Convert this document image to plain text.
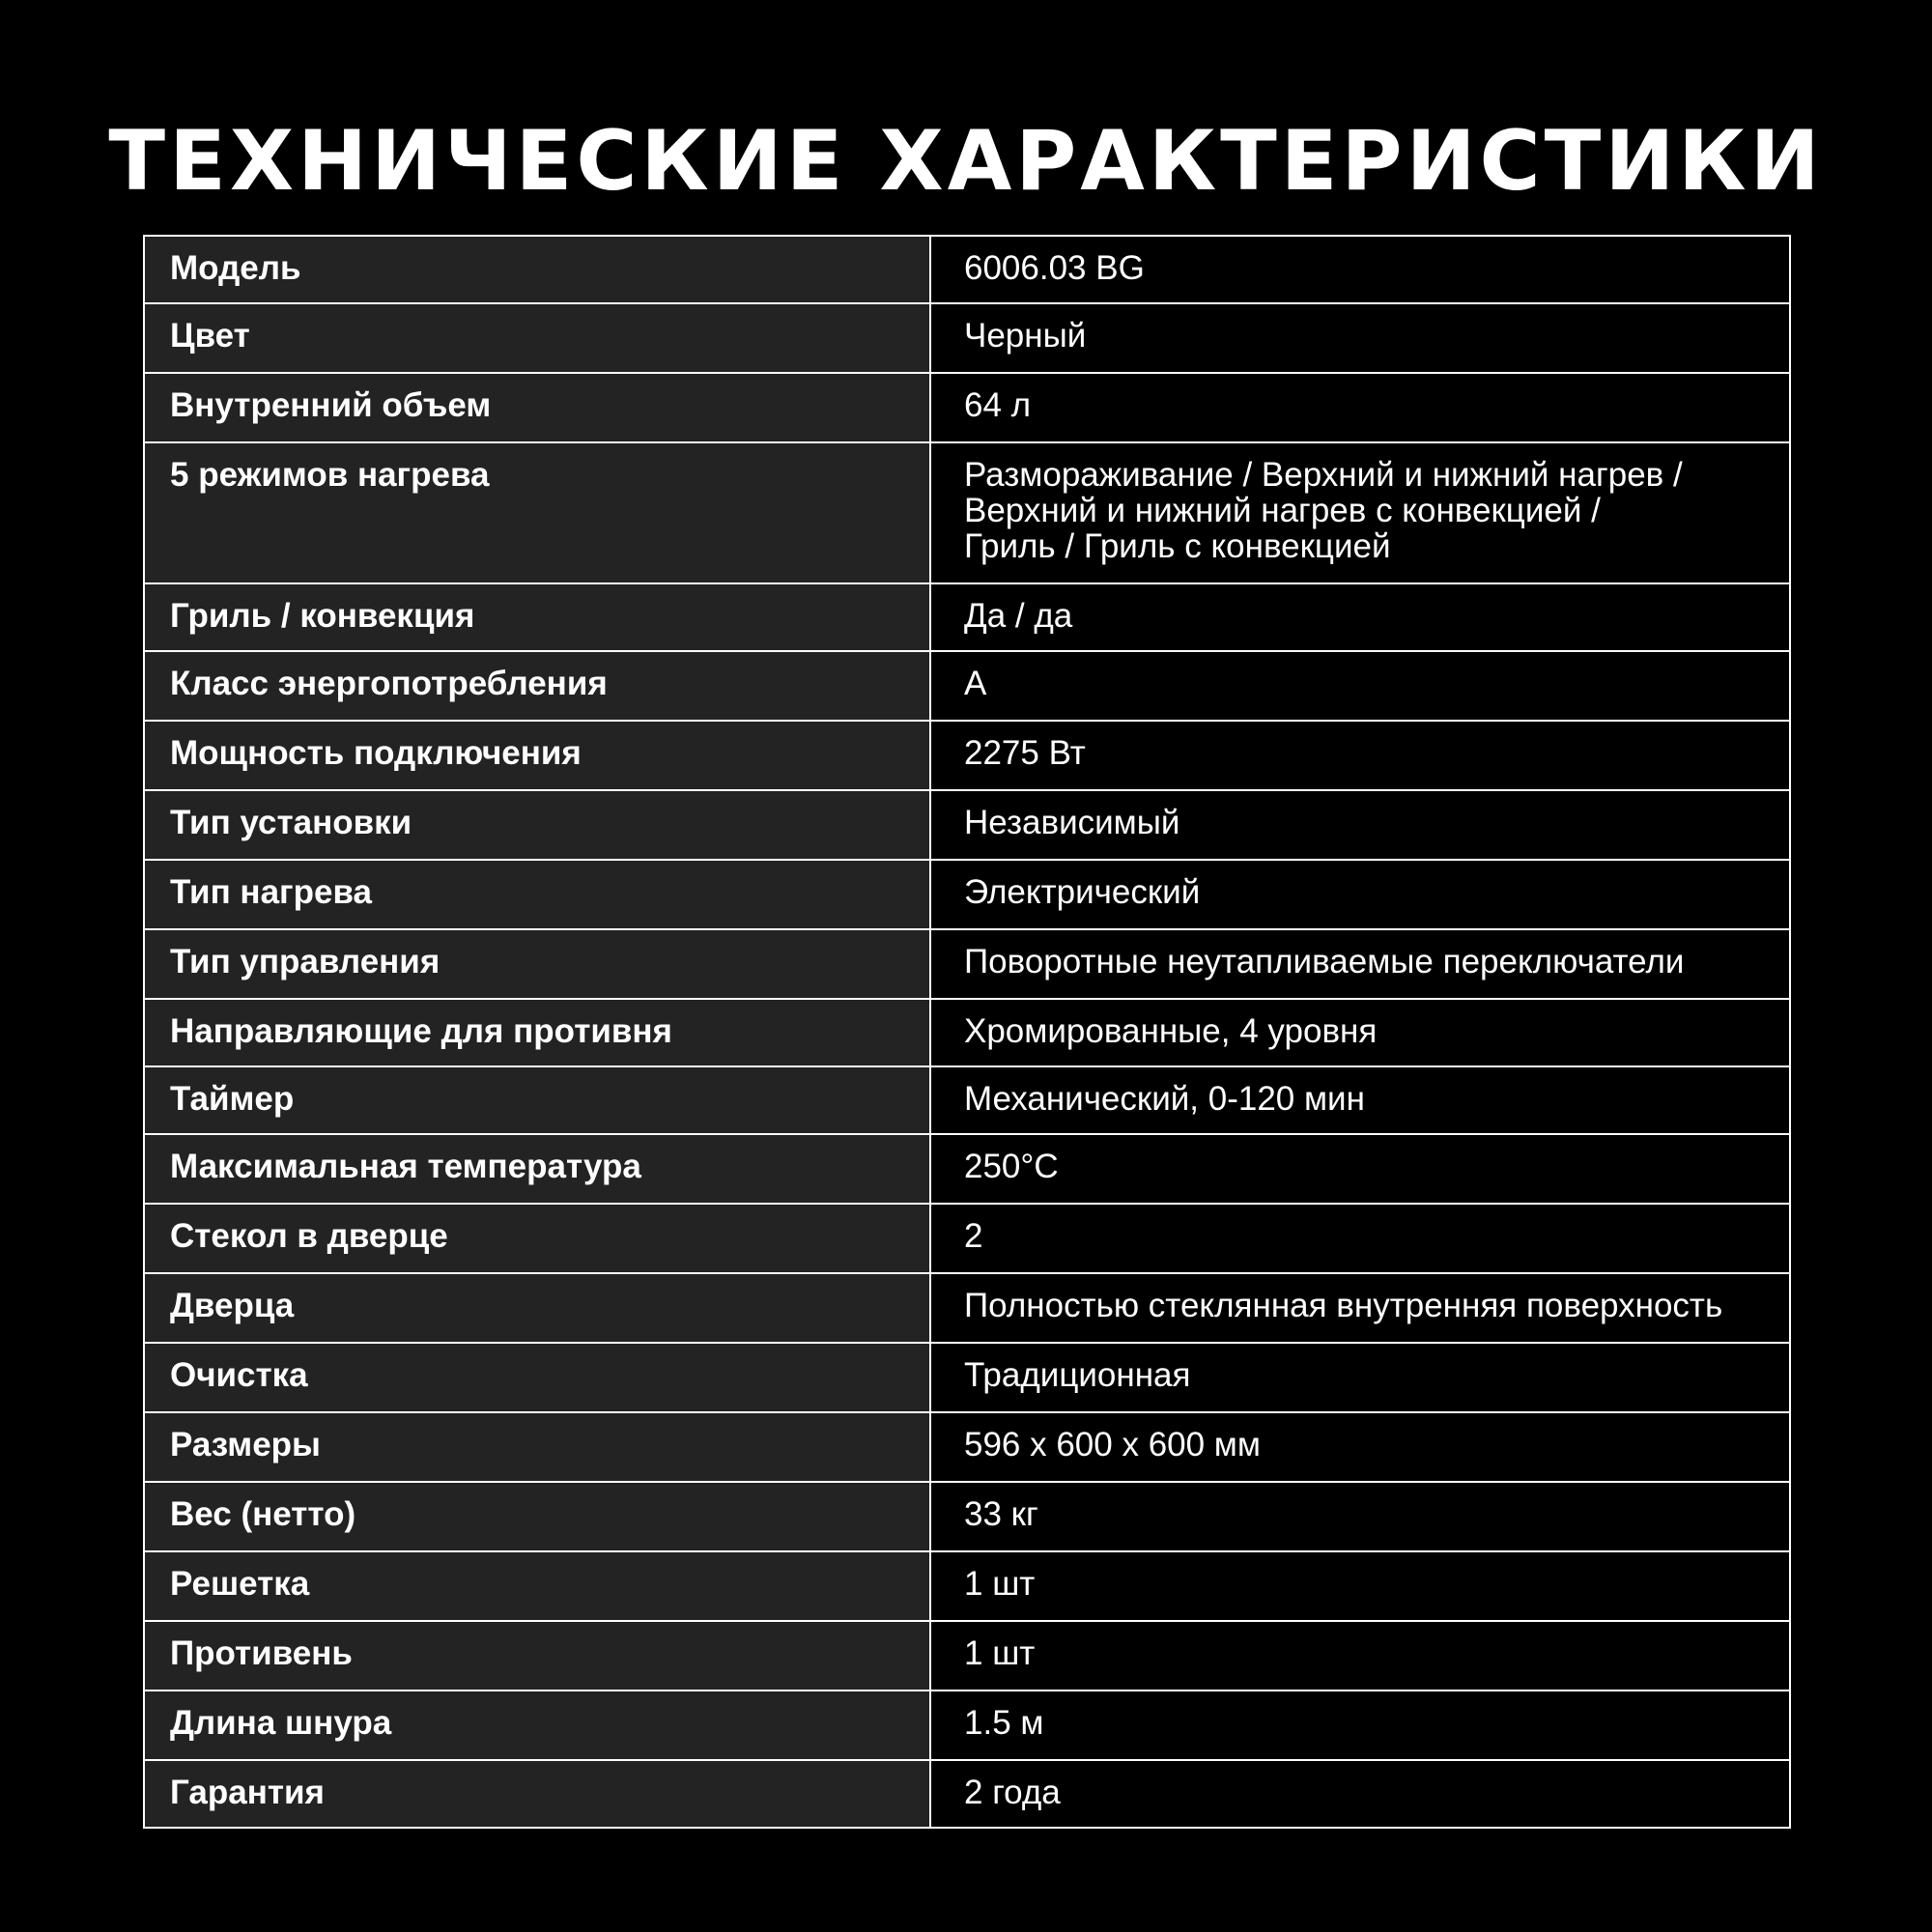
ТЕХНИЧЕСКИЕ ХАРАКТЕРИСТИКИ
Модель	6006.03 BG
Цвет	Черный
Внутренний объем	64 л
5 режимов нагрева	Размораживание / Верхний и нижний нагрев /
Верхний и нижний нагрев с конвекцией /
Гриль / Гриль с конвекцией

Гриль / конвекция	Да / да
Класс энергопотребления	А
Мощность подключения	2275 Вт
Тип установки	Независимый
Тип нагрева	Электрический
Тип управления	Поворотные неутапливаемые переключатели
Направляющие для противня	Хромированные, 4 уровня
Таймер	Механический, 0-120 мин
Максимальная температура	250°C
Стекол в дверце	2
Дверца	Полностью стеклянная внутренняя поверхность
Очистка	Традиционная
Размеры	596 х 600 х 600 мм
Вес (нетто)	33 кг
Решетка	1 шт
Противень	1 шт
Длина шнура	1.5 м
Гарантия	2 года
